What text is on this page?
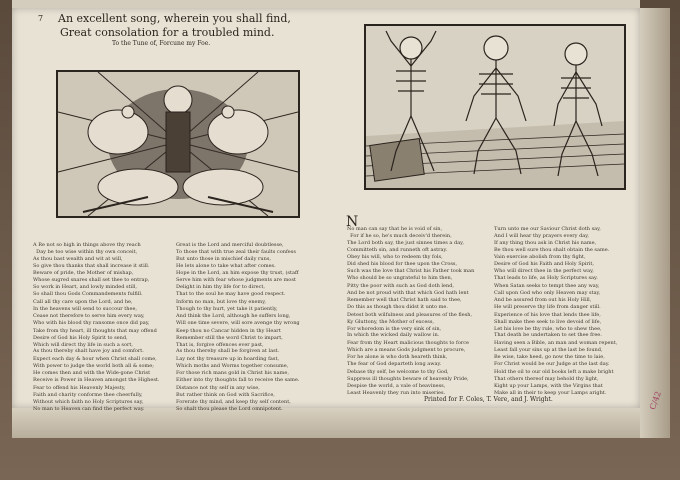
7 An excellent song, wherein you shall find,
Great consolation for a troubled mind.
To the Tune of, Forcune my Foe.

A Re not so high in things above thy reach
Day be too wise within thy own conceit,
As thou bast wealth and wit at will,
So give thou thanks that shall increase it still.
Beware of pride, the Mother of mishap,
Whose sugred snares shall set thee to entrap,
So work in Heart, and lowly minded still,
So shall thou Gods Commandements fulfill.
Call all thy care upon the Lord, and he,
In the heavens will send to succour thee,
Cease not therefore to serve him every way,
Who with his blood thy ransome once did pay,
Take from thy heart, ill thoughts that may offend
Desire of God his Holy Spirit to send,
Which will direct thy life in such a sort,
As thou thereby shalt have joy and comfort.
Expect each day & hour when Christ shall come,
With power to judge the world both all & some;
He comes then and with the Wide-gone Christ
Receive is Power in Heaven amongst the Highest.
Fear to offend his Heavenly Majesty,
Faith and charity conforme thee cheerfully,
Without which faith no Holy Scriptures say,
No man to Heaven can find the perfect way.

Great is the Lord and merciful doubtlesse,
To those that with true zeal their faults confess
But unto those in mischief daily runs,
He lets alone to take what after comes.
Hope in the Lord, an him expose thy trust, (staff
Serve him with fear whose judgments are most
Delight in him thy life for to direct,
That to the soul he may have good respect.
Inform no man, but love thy enemy,
Though to thy hurt, yet take it patiently,
And think the Lord, although he suffers long,
Will one time severe, will sore avenge thy wrong
Keep thou no Cancar hidden in thy Heart
Remember still the word Christ to impart,
That is, forgive offences ever past,
As thou thereby shall be forgiven at last.
Lay not thy treasure up in hoarding fast,
Which moths and Worms together consume,
For those rich mans gold in Christ his name,
Either into thy thoughts fall to receive the same.
Distance not thy self in any wise,
But rather think on God with Sacrifice,
Forerate thy mind, and keep thy self content,
So shalt thou please the Lord omnipotent.

N

No man can say that he is void of sin,
For if he so, he's much deceiv'd therein,
The Lord both say, the just sinnes times a day,
Committeth sin, and runneth oft astray.
Obey his will, who to redeem thy fols,
Did shed his blood for thee upon the Cross,
Such was the love that Christ his Father took man
Who should be so ungrateful to him then,
Pitty the poor with such as God doth lend,
And be not proud with that which God hath lent
Remember well that Christ hath said to thee,
Do this as though thou didst it unto me.
Detest both wilfulness and pleasures of the flesh,
Ky Gluttony, the Mother of excess,
For whoredom is the very sink of sin,
In which the wicked daily wallow in.
Fear from thy Heart malicious thoughts to force
Which are a means Gods judgment to procure,
For he alone is who doth heareth think,
The fear of God departeth long away.
Debase thy self, be welcome to thy God,
Suppress ill thoughts beware of heavenly Pride,
Despise the world, a vale of heaviness,
Least Heavenly they run into miseries.

Turn unto me our Saviour Christ doth say,
And I will hear thy prayers every day,
If any thing thou ask in Christ his name,
Be thou well sure thou shalt obtain the same.
Vain exercise abolish from thy fight,
Desire of God his Faith and Holy Spirit,
Who will direct thee in the perfect way,
That leads to life, as Holy Scriptures say.
When Satan seeks to tempt thee any way,
Call upon God who only Heaven may stay,
And be assured from out his Holy Hill,
He will preserve thy life from danger still.
Experience of his love that lends thee life,
Shall make thee seek to live devoid of life,
Let his love be thy rule, who to shew thee,
That death be undertaken to set thee free.
Having seen a Bible, an man and woman repent,
Least fall your sins up at the last be found,
Be wise, take heed, go now the time to laie,
For Christ would be our Judge at the last day.
Hold the oil to our old books left a make bright
That others thereof may behold thy light,
Kight up your Lamps, with the Virgins that
Make all in their to keep your Lamps aright.

Printed for F. Coles, T. Vere, and J. Wright.	C/42
